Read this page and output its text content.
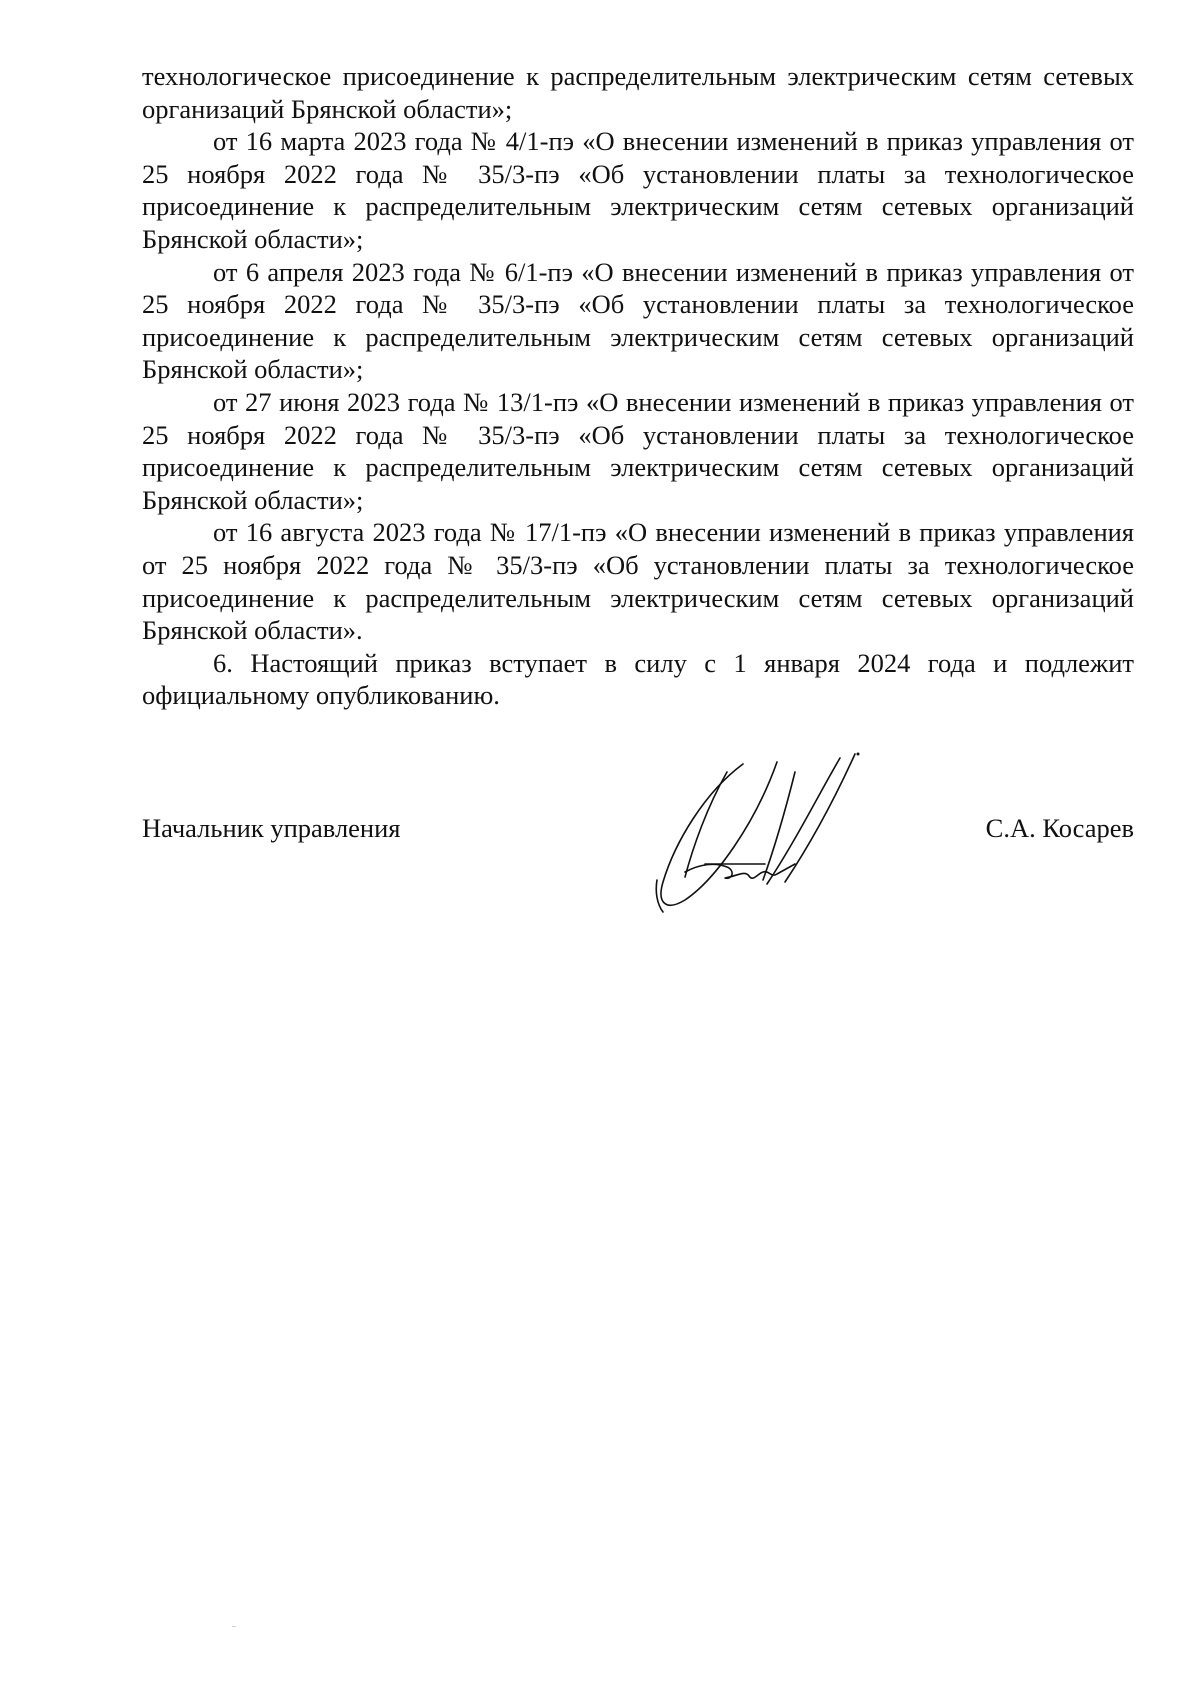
технологическое присоединение к распределительным электрическим сетям сетевых организаций Брянской области»;

от 16 марта 2023 года № 4/1-пэ «О внесении изменений в приказ управления от 25 ноября 2022 года № 35/3-пэ «Об установлении платы за технологическое присоединение к распределительным электрическим сетям сетевых организаций Брянской области»;

от 6 апреля 2023 года № 6/1-пэ «О внесении изменений в приказ управления от 25 ноября 2022 года № 35/3-пэ «Об установлении платы за технологическое присоединение к распределительным электрическим сетям сетевых организаций Брянской области»;

от 27 июня 2023 года № 13/1-пэ «О внесении изменений в приказ управления от 25 ноября 2022 года № 35/3-пэ «Об установлении платы за технологическое присоединение к распределительным электрическим сетям сетевых организаций Брянской области»;

от 16 августа 2023 года № 17/1-пэ «О внесении изменений в приказ управления от 25 ноября 2022 года № 35/3-пэ «Об установлении платы за технологическое присоединение к распределительным электрическим сетям сетевых организаций Брянской области».

6. Настоящий приказ вступает в силу с 1 января 2024 года и подлежит официальному опубликованию.

Начальник управления	С.А. Косарев
